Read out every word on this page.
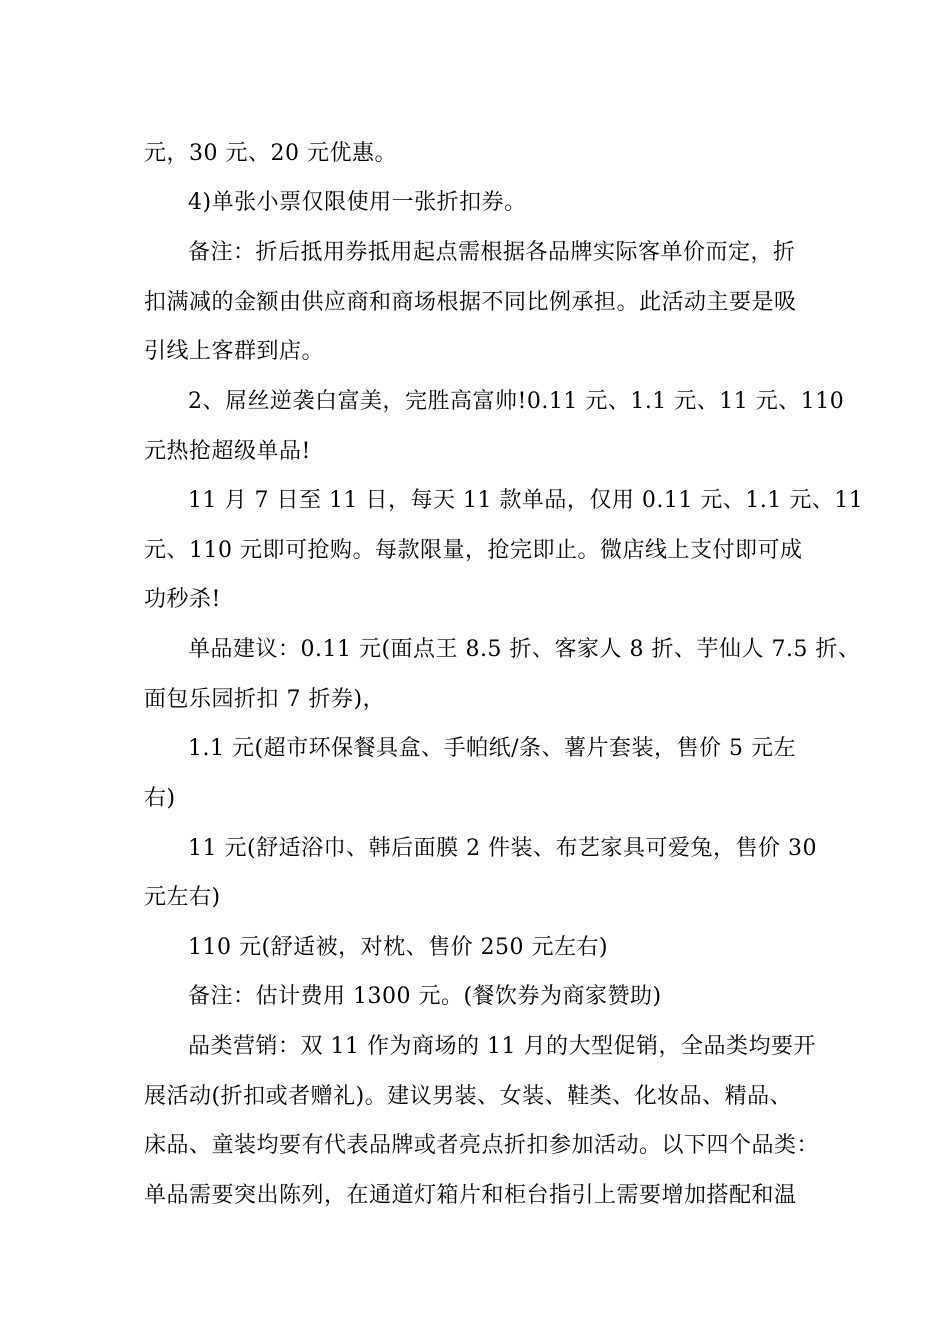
元，30 元、20 元优惠。
4)单张小票仅限使用一张折扣券。
备注：折后抵用券抵用起点需根据各品牌实际客单价而定，折
扣满减的金额由供应商和商场根据不同比例承担。此活动主要是吸
引线上客群到店。
2、屌丝逆袭白富美，完胜高富帅!0.11 元、1.1 元、11 元、110
元热抢超级单品!
11 月 7 日至 11 日，每天 11 款单品，仅用 0.11 元、1.1 元、11
元、110 元即可抢购。每款限量，抢完即止。微店线上支付即可成
功秒杀!
单品建议：0.11 元(面点王 8.5 折、客家人 8 折、芋仙人 7.5 折、
面包乐园折扣 7 折券)，
1.1 元(超市环保餐具盒、手帕纸/条、薯片套装，售价 5 元左
右)
11 元(舒适浴巾、韩后面膜 2 件装、布艺家具可爱兔，售价 30
元左右)
110 元(舒适被，对枕、售价 250 元左右)
备注：估计费用 1300 元。(餐饮券为商家赞助)
品类营销：双 11 作为商场的 11 月的大型促销，全品类均要开
展活动(折扣或者赠礼)。建议男装、女装、鞋类、化妆品、精品、
床品、童装均要有代表品牌或者亮点折扣参加活动。以下四个品类：
单品需要突出陈列，在通道灯箱片和柜台指引上需要增加搭配和温
